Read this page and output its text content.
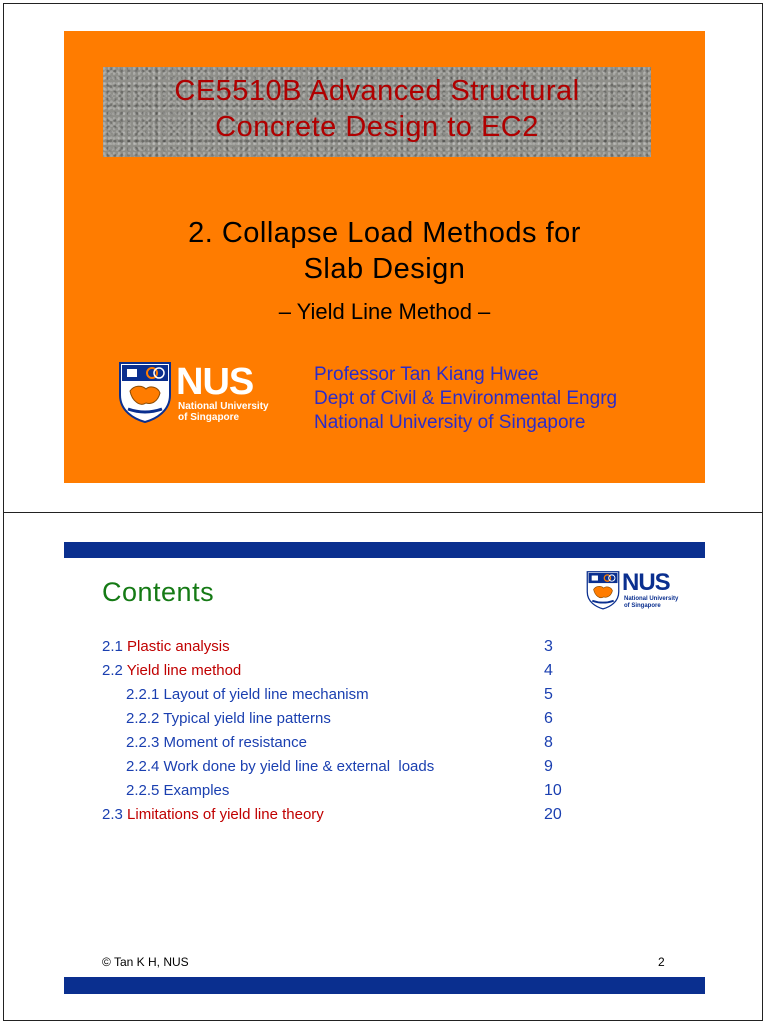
CE5510B Advanced Structural
Concrete Design to EC2
2. Collapse Load Methods for
Slab Design
– Yield Line Method –
NUS
National University
of Singapore
Professor Tan Kiang Hwee
Dept of Civil & Environmental Engrg
National University of Singapore
Contents	NUS
National University
of Singapore
2.1 Plastic analysis	3
2.2 Yield line method	4
2.2.1 Layout of yield line mechanism	5
2.2.2 Typical yield line patterns	6
2.2.3 Moment of resistance	8
2.2.4 Work done by yield line & external  loads	9
2.2.5 Examples	10
2.3 Limitations of yield line theory	20
© Tan K H, NUS	2
